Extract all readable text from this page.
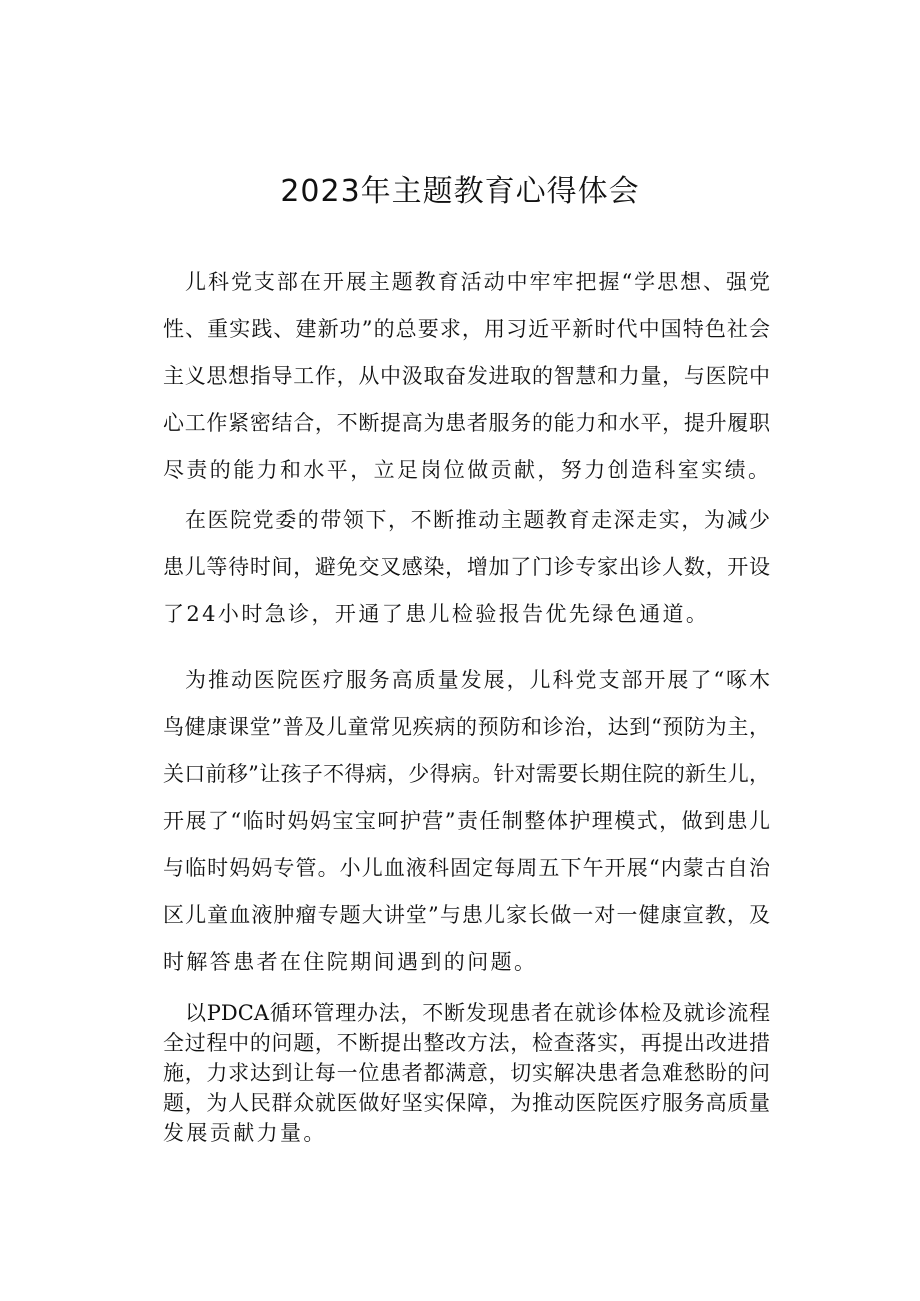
2023年主题教育心得体会
儿科党支部在开展主题教育活动中牢牢把握“学思想、强党
性、重实践、建新功”的总要求，用习近平新时代中国特色社会
主义思想指导工作，从中汲取奋发进取的智慧和力量，与医院中
心工作紧密结合，不断提高为患者服务的能力和水平，提升履职
尽责的能力和水平，立足岗位做贡献，努力创造科室实绩。
在医院党委的带领下，不断推动主题教育走深走实，为减少
患儿等待时间，避免交叉感染，增加了门诊专家出诊人数，开设
了24小时急诊，开通了患儿检验报告优先绿色通道。
为推动医院医疗服务高质量发展，儿科党支部开展了“啄木
鸟健康课堂”普及儿童常见疾病的预防和诊治，达到“预防为主，
关口前移”让孩子不得病，少得病。针对需要长期住院的新生儿，
开展了“临时妈妈宝宝呵护营”责任制整体护理模式，做到患儿
与临时妈妈专管。小儿血液科固定每周五下午开展“内蒙古自治
区儿童血液肿瘤专题大讲堂”与患儿家长做一对一健康宣教，及
时解答患者在住院期间遇到的问题。
以PDCA循环管理办法，不断发现患者在就诊体检及就诊流程
全过程中的问题，不断提出整改方法，检查落实，再提出改进措
施，力求达到让每一位患者都满意，切实解决患者急难愁盼的问
题，为人民群众就医做好坚实保障，为推动医院医疗服务高质量
发展贡献力量。
